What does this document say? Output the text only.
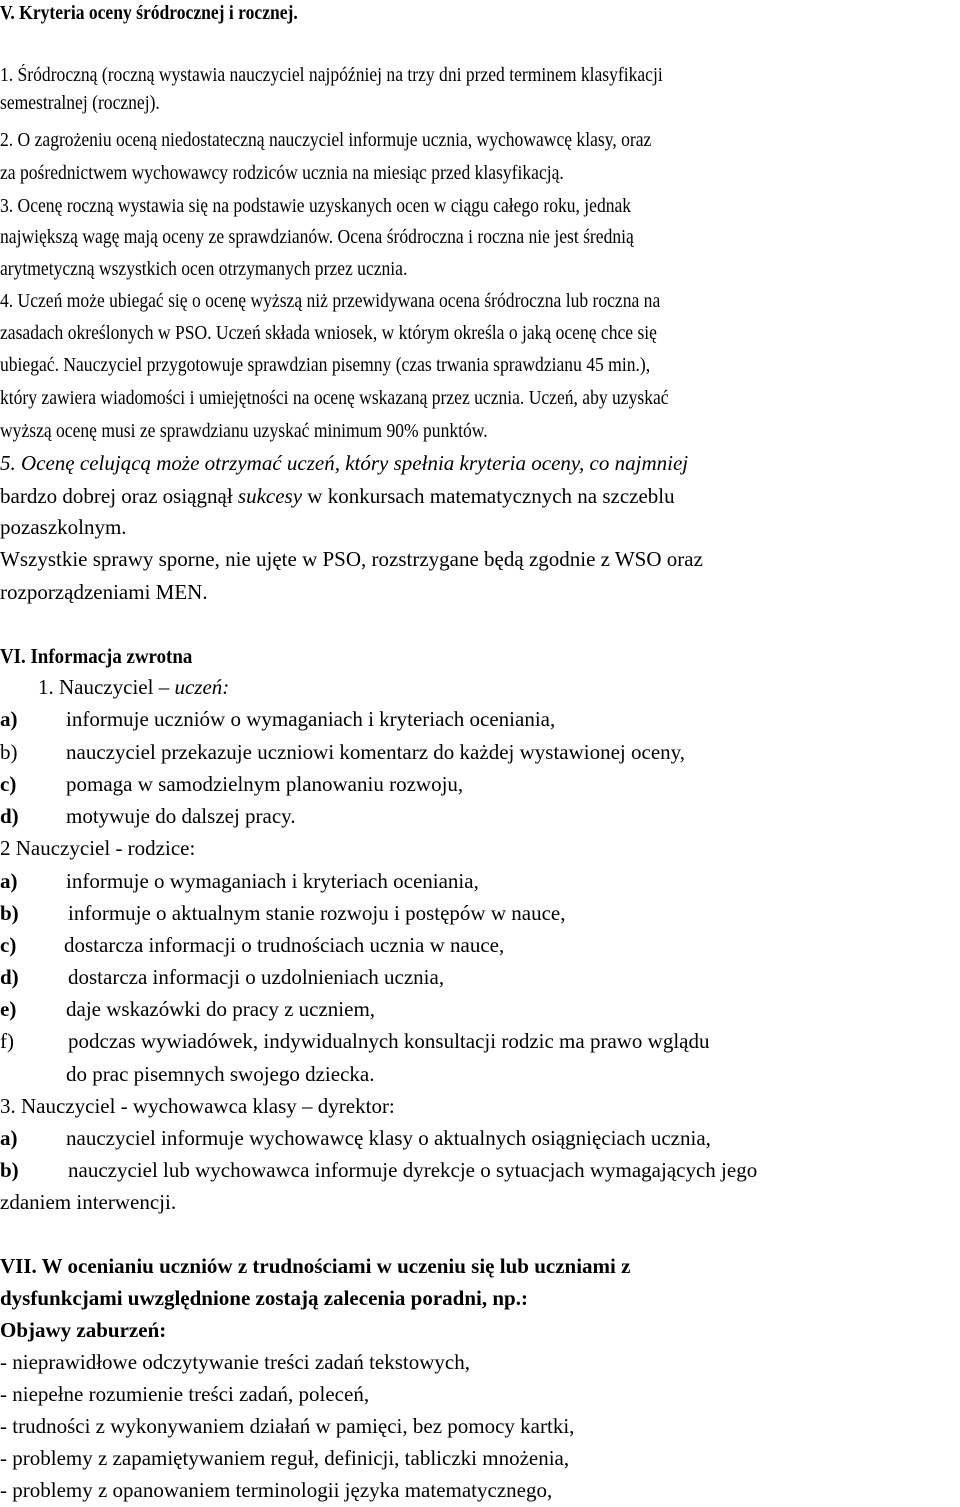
V. Kryteria oceny śródrocznej i rocznej.
1. Śródroczną (roczną wystawia nauczyciel najpóźniej na trzy dni przed terminem klasyfikacji
semestralnej (rocznej).
2. O zagrożeniu oceną niedostateczną nauczyciel informuje ucznia, wychowawcę klasy, oraz
za pośrednictwem wychowawcy rodziców ucznia na miesiąc przed klasyfikacją.
3. Ocenę roczną wystawia się na podstawie uzyskanych ocen w ciągu całego roku, jednak
największą wagę mają oceny ze sprawdzianów. Ocena śródroczna i roczna nie jest średnią
arytmetyczną wszystkich ocen otrzymanych przez ucznia.
4. Uczeń może ubiegać się o ocenę wyższą niż przewidywana ocena śródroczna lub roczna na
zasadach określonych w PSO. Uczeń składa wniosek, w którym określa o jaką ocenę chce się
ubiegać. Nauczyciel przygotowuje sprawdzian pisemny (czas trwania sprawdzianu 45 min.),
który zawiera wiadomości i umiejętności na ocenę wskazaną przez ucznia. Uczeń, aby uzyskać
wyższą ocenę musi ze sprawdzianu uzyskać minimum 90% punktów.
5. Ocenę celującą może otrzymać uczeń, który spełnia kryteria oceny, co najmniej
bardzo dobrej oraz osiągnął sukcesy w konkursach matematycznych na szczeblu
pozaszkolnym.
Wszystkie sprawy sporne, nie ujęte w PSO, rozstrzygane będą zgodnie z WSO oraz
rozporządzeniami MEN.
VI. Informacja zwrotna
1. Nauczyciel – uczeń:
a) informuje uczniów o wymaganiach i kryteriach oceniania,
b) nauczyciel przekazuje uczniowi komentarz do każdej wystawionej oceny,
c) pomaga w samodzielnym planowaniu rozwoju,
d) motywuje do dalszej pracy.
2 Nauczyciel - rodzice:
a) informuje o wymaganiach i kryteriach oceniania,
b) informuje o aktualnym stanie rozwoju i postępów w nauce,
c) dostarcza informacji o trudnościach ucznia w nauce,
d) dostarcza informacji o uzdolnieniach ucznia,
e) daje wskazówki do pracy z uczniem,
f)	podczas wywiadówek, indywidualnych konsultacji rodzic ma prawo wglądu
do prac pisemnych swojego dziecka.
3. Nauczyciel - wychowawca klasy – dyrektor:
a) nauczyciel informuje wychowawcę klasy o aktualnych osiągnięciach ucznia,
b) nauczyciel lub wychowawca informuje dyrekcje o sytuacjach wymagających jego
zdaniem interwencji.
VII. W ocenianiu uczniów z trudnościami w uczeniu się lub uczniami z
dysfunkcjami uwzględnione zostają zalecenia poradni, np.:
Objawy zaburzeń:
- nieprawidłowe odczytywanie treści zadań tekstowych,
- niepełne rozumienie treści zadań, poleceń,
- trudności z wykonywaniem działań w pamięci, bez pomocy kartki,
- problemy z zapamiętywaniem reguł, definicji, tabliczki mnożenia,
- problemy z opanowaniem terminologii języka matematycznego,
